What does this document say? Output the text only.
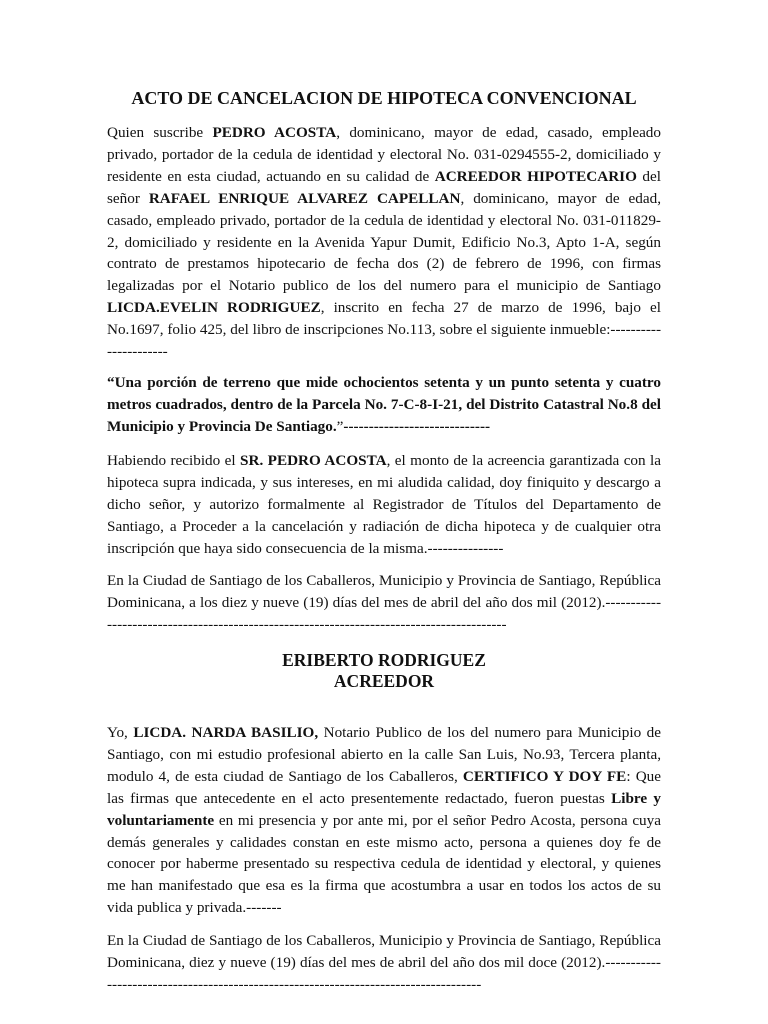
ACTO DE CANCELACION DE HIPOTECA CONVENCIONAL

Quien suscribe PEDRO ACOSTA, dominicano, mayor de edad, casado, empleado privado, portador de la cedula de identidad y electoral No. 031-0294555-2, domiciliado y residente en esta ciudad, actuando en su calidad de ACREEDOR HIPOTECARIO del señor RAFAEL ENRIQUE ALVAREZ CAPELLAN, dominicano, mayor de edad, casado, empleado privado, portador de la cedula de identidad y electoral No. 031-011829-2, domiciliado y residente en la Avenida Yapur Dumit, Edificio No.3, Apto 1-A, según contrato de prestamos hipotecario de fecha dos (2) de febrero de 1996, con firmas legalizadas por el Notario publico de los del numero para el municipio de Santiago LICDA.EVELIN RODRIGUEZ, inscrito en fecha 27 de marzo de 1996, bajo el No.1697, folio 425, del libro de inscripciones No.113, sobre el siguiente inmueble:----------------------

“Una porción de terreno que mide ochocientos setenta y un punto setenta y cuatro metros cuadrados, dentro de la Parcela No. 7-C-8-I-21, del Distrito Catastral No.8 del Municipio y Provincia De Santiago.”-----------------------------

Habiendo recibido el SR. PEDRO ACOSTA, el monto de la acreencia garantizada con la hipoteca supra indicada, y sus intereses, en mi aludida calidad, doy finiquito y descargo a dicho señor, y autorizo formalmente al Registrador de Títulos del Departamento de Santiago, a Proceder a la cancelación y radiación de dicha hipoteca y de cualquier otra inscripción que haya sido consecuencia de la misma.---------------

En la Ciudad de Santiago de los Caballeros, Municipio y Provincia de Santiago, República Dominicana, a los diez y nueve (19) días del mes de abril del año dos mil (2012).------------------------------------------------------------------------------------------

ERIBERTO RODRIGUEZ
ACREEDOR

Yo, LICDA. NARDA BASILIO, Notario Publico de los del numero para Municipio de Santiago, con mi estudio profesional abierto en la calle San Luis, No.93, Tercera planta, modulo 4, de esta ciudad de Santiago de los Caballeros, CERTIFICO Y DOY FE: Que las firmas que antecedente en el acto presentemente redactado, fueron puestas Libre y voluntariamente en mi presencia y por ante mi, por el señor Pedro Acosta, persona cuya demás generales y calidades constan en este mismo acto, persona a quienes doy fe de conocer por haberme presentado su respectiva cedula de identidad y electoral, y quienes me han manifestado que esa es la firma que acostumbra a usar en todos los actos de su vida publica y privada.-------

En la Ciudad de Santiago de los Caballeros, Municipio y Provincia de Santiago, República Dominicana, diez y nueve (19) días del mes de abril del año dos mil doce (2012).-------------------------------------------------------------------------------------
